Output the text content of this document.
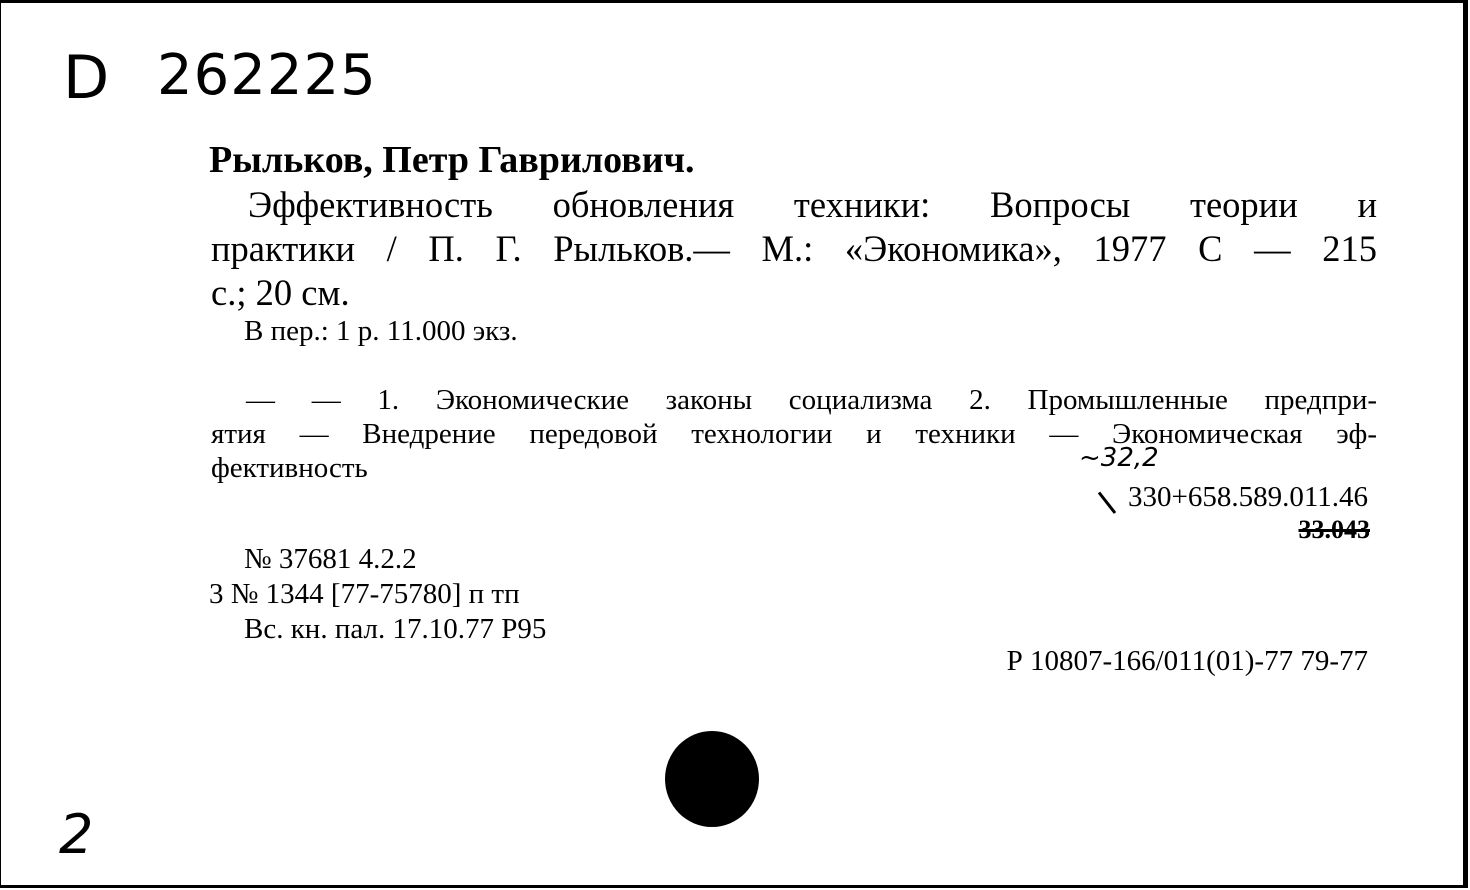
D 262225
Рыльков, Петр Гаврилович.
Эффективность обновления техники: Вопросы теории и
практики / П. Г. Рыльков.— М.: «Экономика», 1977 С — 215
с.; 20 см.
В пер.: 1 р. 11.000 экз.
— — 1. Экономические законы социализма 2. Промышленные предпри-
ятия — Внедрение передовой технологии и техники — Экономическая эф-
фективность	~32,2
330+658.589.011.46
33.043
№ 37681 4.2.2
3 № 1344 [77-75780] п тп
Вс. кн. пал. 17.10.77 Р95
Р 10807-166/011(01)-77 79-77
2
